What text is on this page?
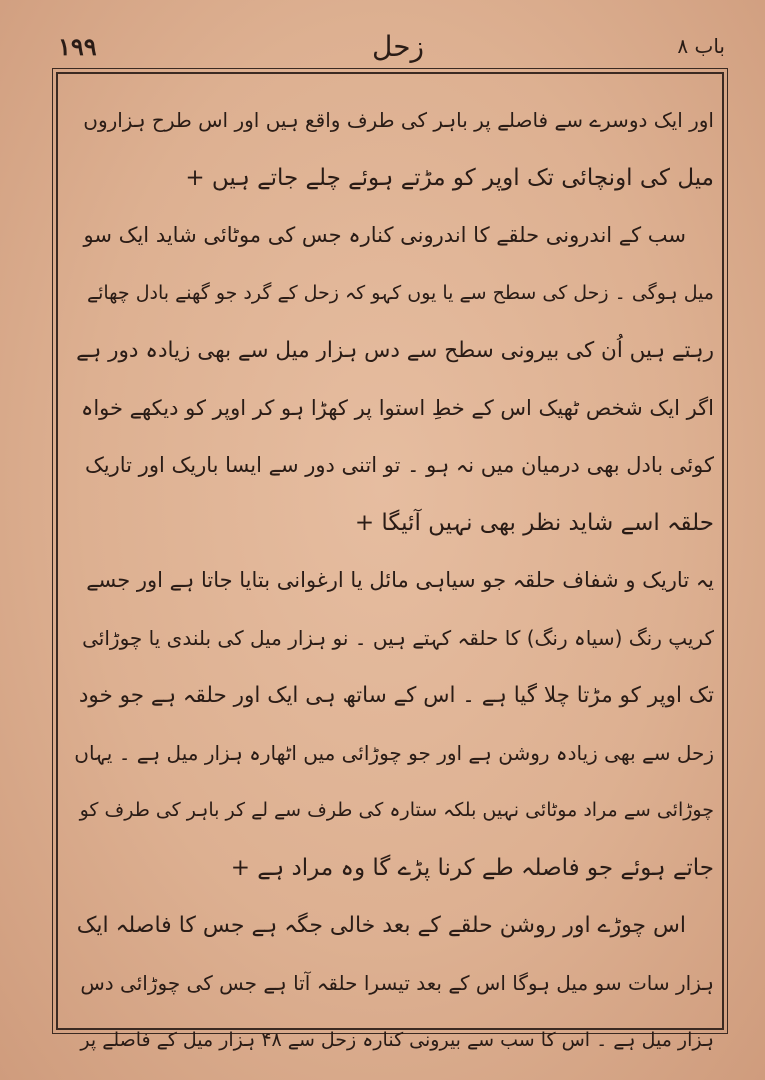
۱۹۹	زحل	باب ۸
اور ایک دوسرے سے فاصلے پر باہر کی طرف واقع ہیں اور اس طرح ہزاروں
میل کی اونچائی تک اوپر کو مڑتے ہوئے چلے جاتے ہیں +
سب کے اندرونی حلقے کا اندرونی کنارہ جس کی موٹائی شاید ایک سو
میل ہوگی ۔ زحل کی سطح سے یا یوں کہو کہ زحل کے گرد جو گھنے بادل چھائے
رہتے ہیں اُن کی بیرونی سطح سے دس ہزار میل سے بھی زیادہ دور ہے
اگر ایک شخص ٹھیک اس کے خطِ استوا پر کھڑا ہو کر اوپر کو دیکھے خواہ
کوئی بادل بھی درمیان میں نہ ہو ۔ تو اتنی دور سے ایسا باریک اور تاریک
حلقہ اسے شاید نظر بھی نہیں آئیگا +
یہ تاریک و شفاف حلقہ جو سیاہی مائل یا ارغوانی بتایا جاتا ہے اور جسے
کریپ رنگ (سیاہ رنگ) کا حلقہ کہتے ہیں ۔ نو ہزار میل کی بلندی یا چوڑائی
تک اوپر کو مڑتا چلا گیا ہے ۔ اس کے ساتھ ہی ایک اور حلقہ ہے جو خود
زحل سے بھی زیادہ روشن ہے اور جو چوڑائی میں اٹھارہ ہزار میل ہے ۔ یہاں
چوڑائی سے مراد موٹائی نہیں بلکہ ستارہ کی طرف سے لے کر باہر کی طرف کو
جاتے ہوئے جو فاصلہ طے کرنا پڑے گا وہ مراد ہے +
اس چوڑے اور روشن حلقے کے بعد خالی جگہ ہے جس کا فاصلہ ایک
ہزار سات سو میل ہوگا اس کے بعد تیسرا حلقہ آتا ہے جس کی چوڑائی دس
ہزار میل ہے ۔ اس کا سب سے بیرونی کنارہ زحل سے ۴۸ ہزار میل کے فاصلے پر
